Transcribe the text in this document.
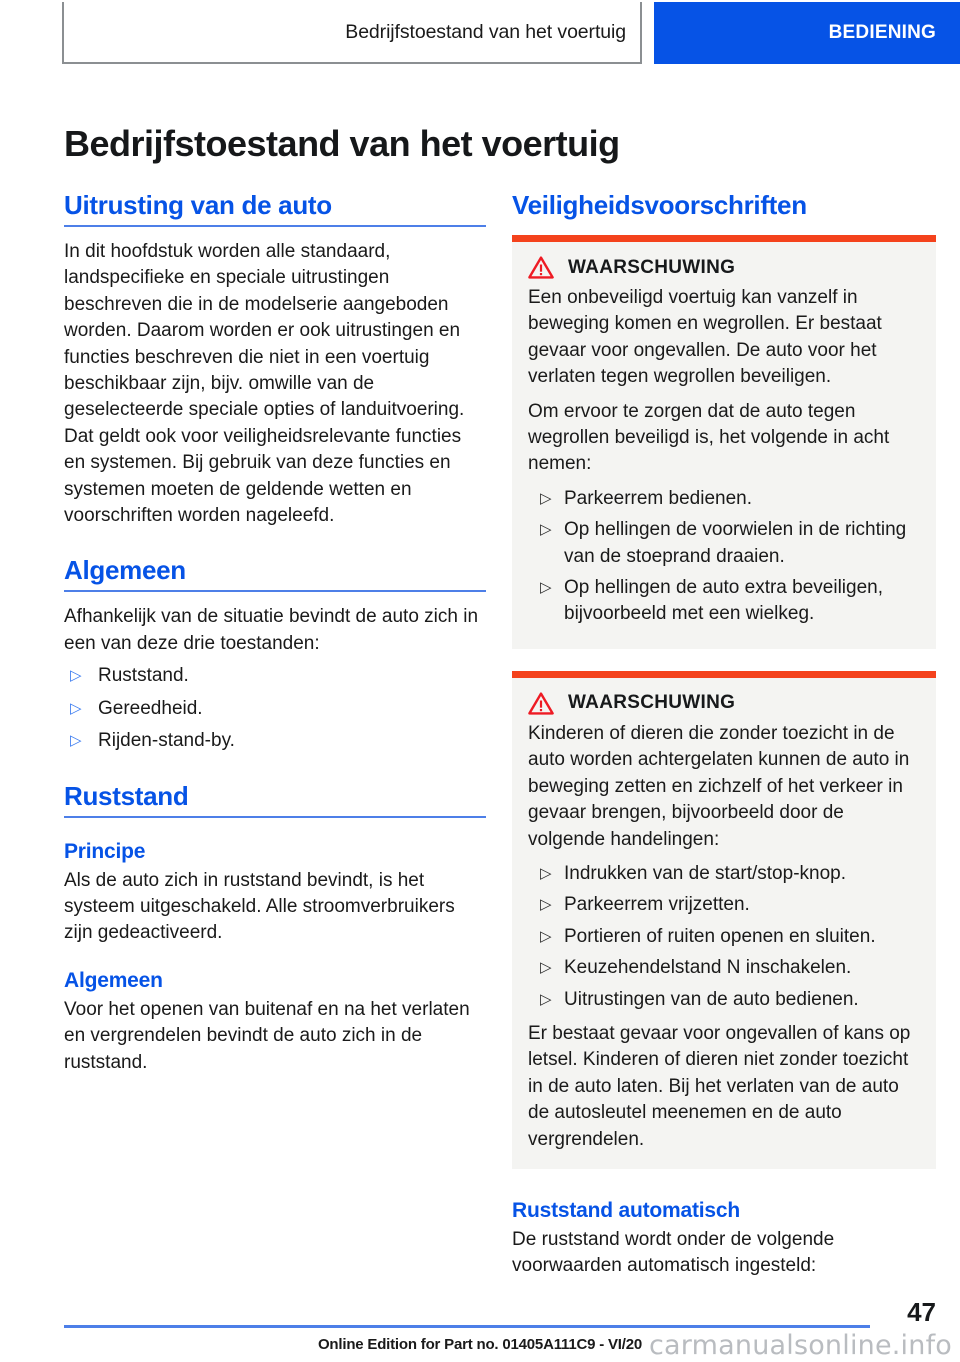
Bedrijfstoestand van het voertuig	BEDIENING
Bedrijfstoestand van het voertuig
Uitrusting van de auto

In dit hoofdstuk worden alle standaard, landspecifieke en speciale uitrustingen beschreven die in de modelserie aangeboden worden. Daarom worden er ook uitrustingen en functies beschreven die niet in een voertuig beschikbaar zijn, bijv. omwille van de geselecteerde speciale opties of landuitvoering. Dat geldt ook voor veiligheidsrelevante functies en systemen. Bij gebruik van deze functies en systemen moeten de geldende wetten en voorschriften worden nageleefd.

Algemeen

Afhankelijk van de situatie bevindt de auto zich in een van deze drie toestanden:

▷ Ruststand.
▷ Gereedheid.
▷ Rijden-stand-by.
Ruststand
Principe

Als de auto zich in ruststand bevindt, is het systeem uitgeschakeld. Alle stroomverbruikers zijn gedeactiveerd.

Algemeen

Voor het openen van buitenaf en na het verlaten en vergrendelen bevindt de auto zich in de ruststand.

Veiligheidsvoorschriften
WAARSCHUWING

Een onbeveiligd voertuig kan vanzelf in beweging komen en wegrollen. Er bestaat gevaar voor ongevallen. De auto voor het verlaten tegen wegrollen beveiligen.

Om ervoor te zorgen dat de auto tegen wegrollen beveiligd is, het volgende in acht nemen:

▷ Parkeerrem bedienen.
▷ Op hellingen de voorwielen in de richting van de stoeprand draaien.
▷ Op hellingen de auto extra beveiligen, bijvoorbeeld met een wielkeg.
WAARSCHUWING

Kinderen of dieren die zonder toezicht in de auto worden achtergelaten kunnen de auto in beweging zetten en zichzelf of het verkeer in gevaar brengen, bijvoorbeeld door de volgende handelingen:

▷ Indrukken van de start/stop-knop.
▷ Parkeerrem vrijzetten.
▷ Portieren of ruiten openen en sluiten.
▷ Keuzehendelstand N inschakelen.
▷ Uitrustingen van de auto bedienen.

Er bestaat gevaar voor ongevallen of kans op letsel. Kinderen of dieren niet zonder toezicht in de auto laten. Bij het verlaten van de auto de autosleutel meenemen en de auto vergrendelen.

Ruststand automatisch

De ruststand wordt onder de volgende voorwaarden automatisch ingesteld:

47
Online Edition for Part no. 01405A111C9 - VI/20 carmanualsonline.info
